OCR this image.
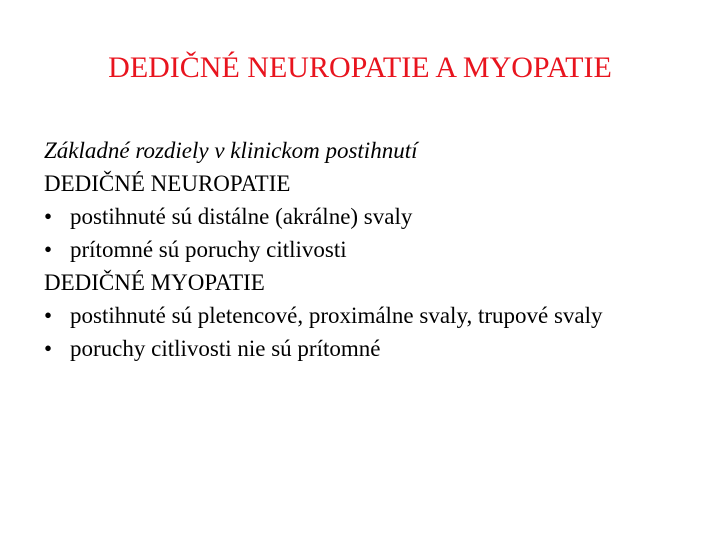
DEDIČNÉ NEUROPATIE A MYOPATIE
Základné rozdiely v klinickom postihnutí
DEDIČNÉ NEUROPATIE
• postihnuté sú distálne (akrálne) svaly
• prítomné sú poruchy citlivosti
DEDIČNÉ MYOPATIE
• postihnuté sú pletencové, proximálne svaly, trupové svaly
• poruchy citlivosti nie sú prítomné
